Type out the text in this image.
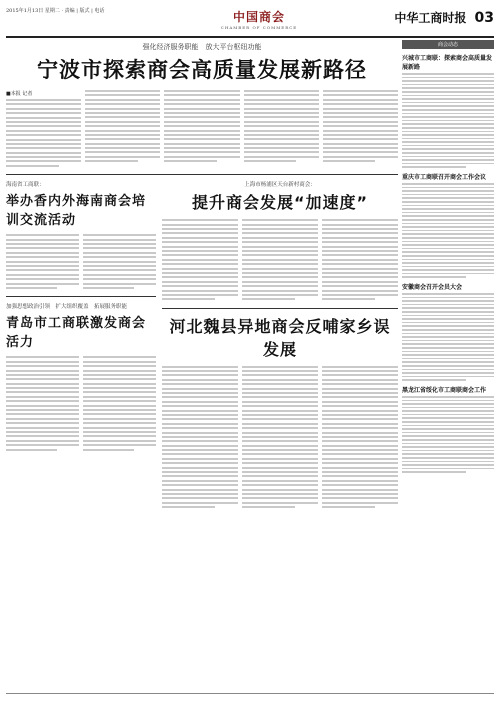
2015年1月13日 星期二 · 责编 | 版式 | 电话	中国商会
CHAMBER OF COMMERCE
中华工商时报 03
强化经济服务职能　放大平台枢纽功能
宁波市探索商会高质量发展新路径
■本报 记者
海南省工商联：
举办香内外海南商会培训交流活动
加强思想政治引领　扩大组织覆盖　拓展服务职能
青岛市工商联激发商会活力
上海市杨浦区天台新村商会：
提升商会发展“加速度”
河北魏县异地商会反哺家乡误发展
商会动态
兴城市工商联：探索商会高质量发展新路
重庆市工商联召开商会工作会议
安徽商会召开会员大会
黑龙江省绥化市工商联商会工作
